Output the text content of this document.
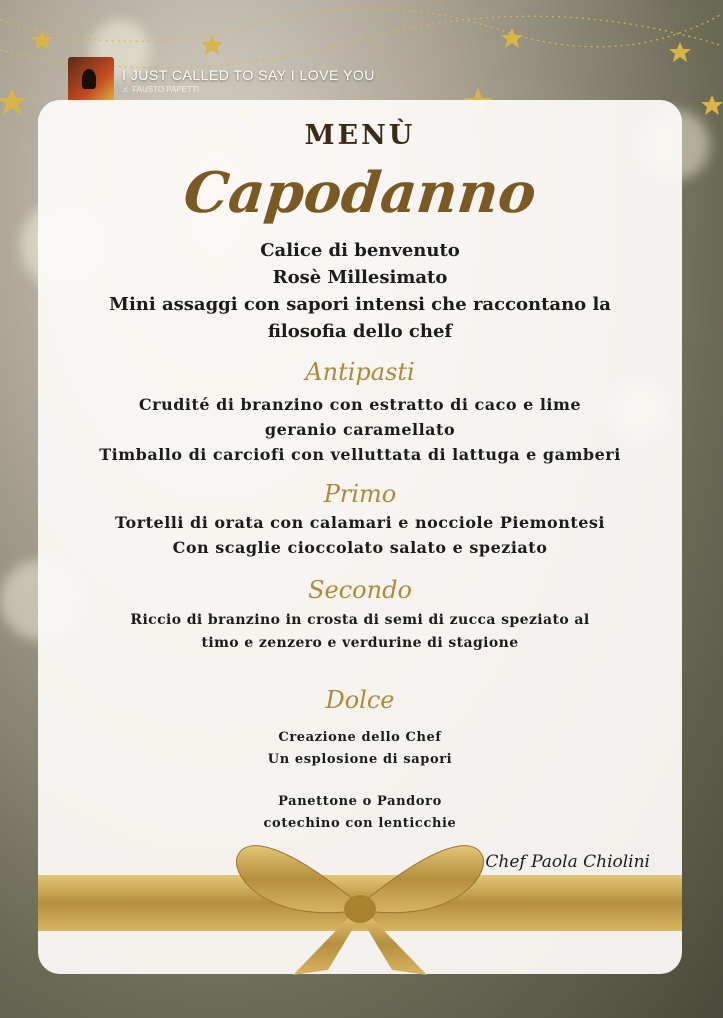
I JUST CALLED TO SAY I LOVE YOU
♬ FAUSTO PAPETTI
MENÙ
Capodanno
Calice di benvenuto
Rosè Millesimato
Mini assaggi con sapori intensi che raccontano la
filosofia dello chef
Antipasti
Crudité di branzino con estratto di caco e lime
geranio caramellato
Timballo di carciofi con velluttata di lattuga e gamberi
Primo
Tortelli di orata con calamari e nocciole Piemontesi
Con scaglie cioccolato salato e speziato
Secondo
Riccio di branzino in crosta di semi di zucca speziato al
timo e zenzero e verdurine di stagione
Dolce
Creazione dello Chef
Un esplosione di sapori
Panettone o Pandoro
cotechino con lenticchie
Chef Paola Chiolini
